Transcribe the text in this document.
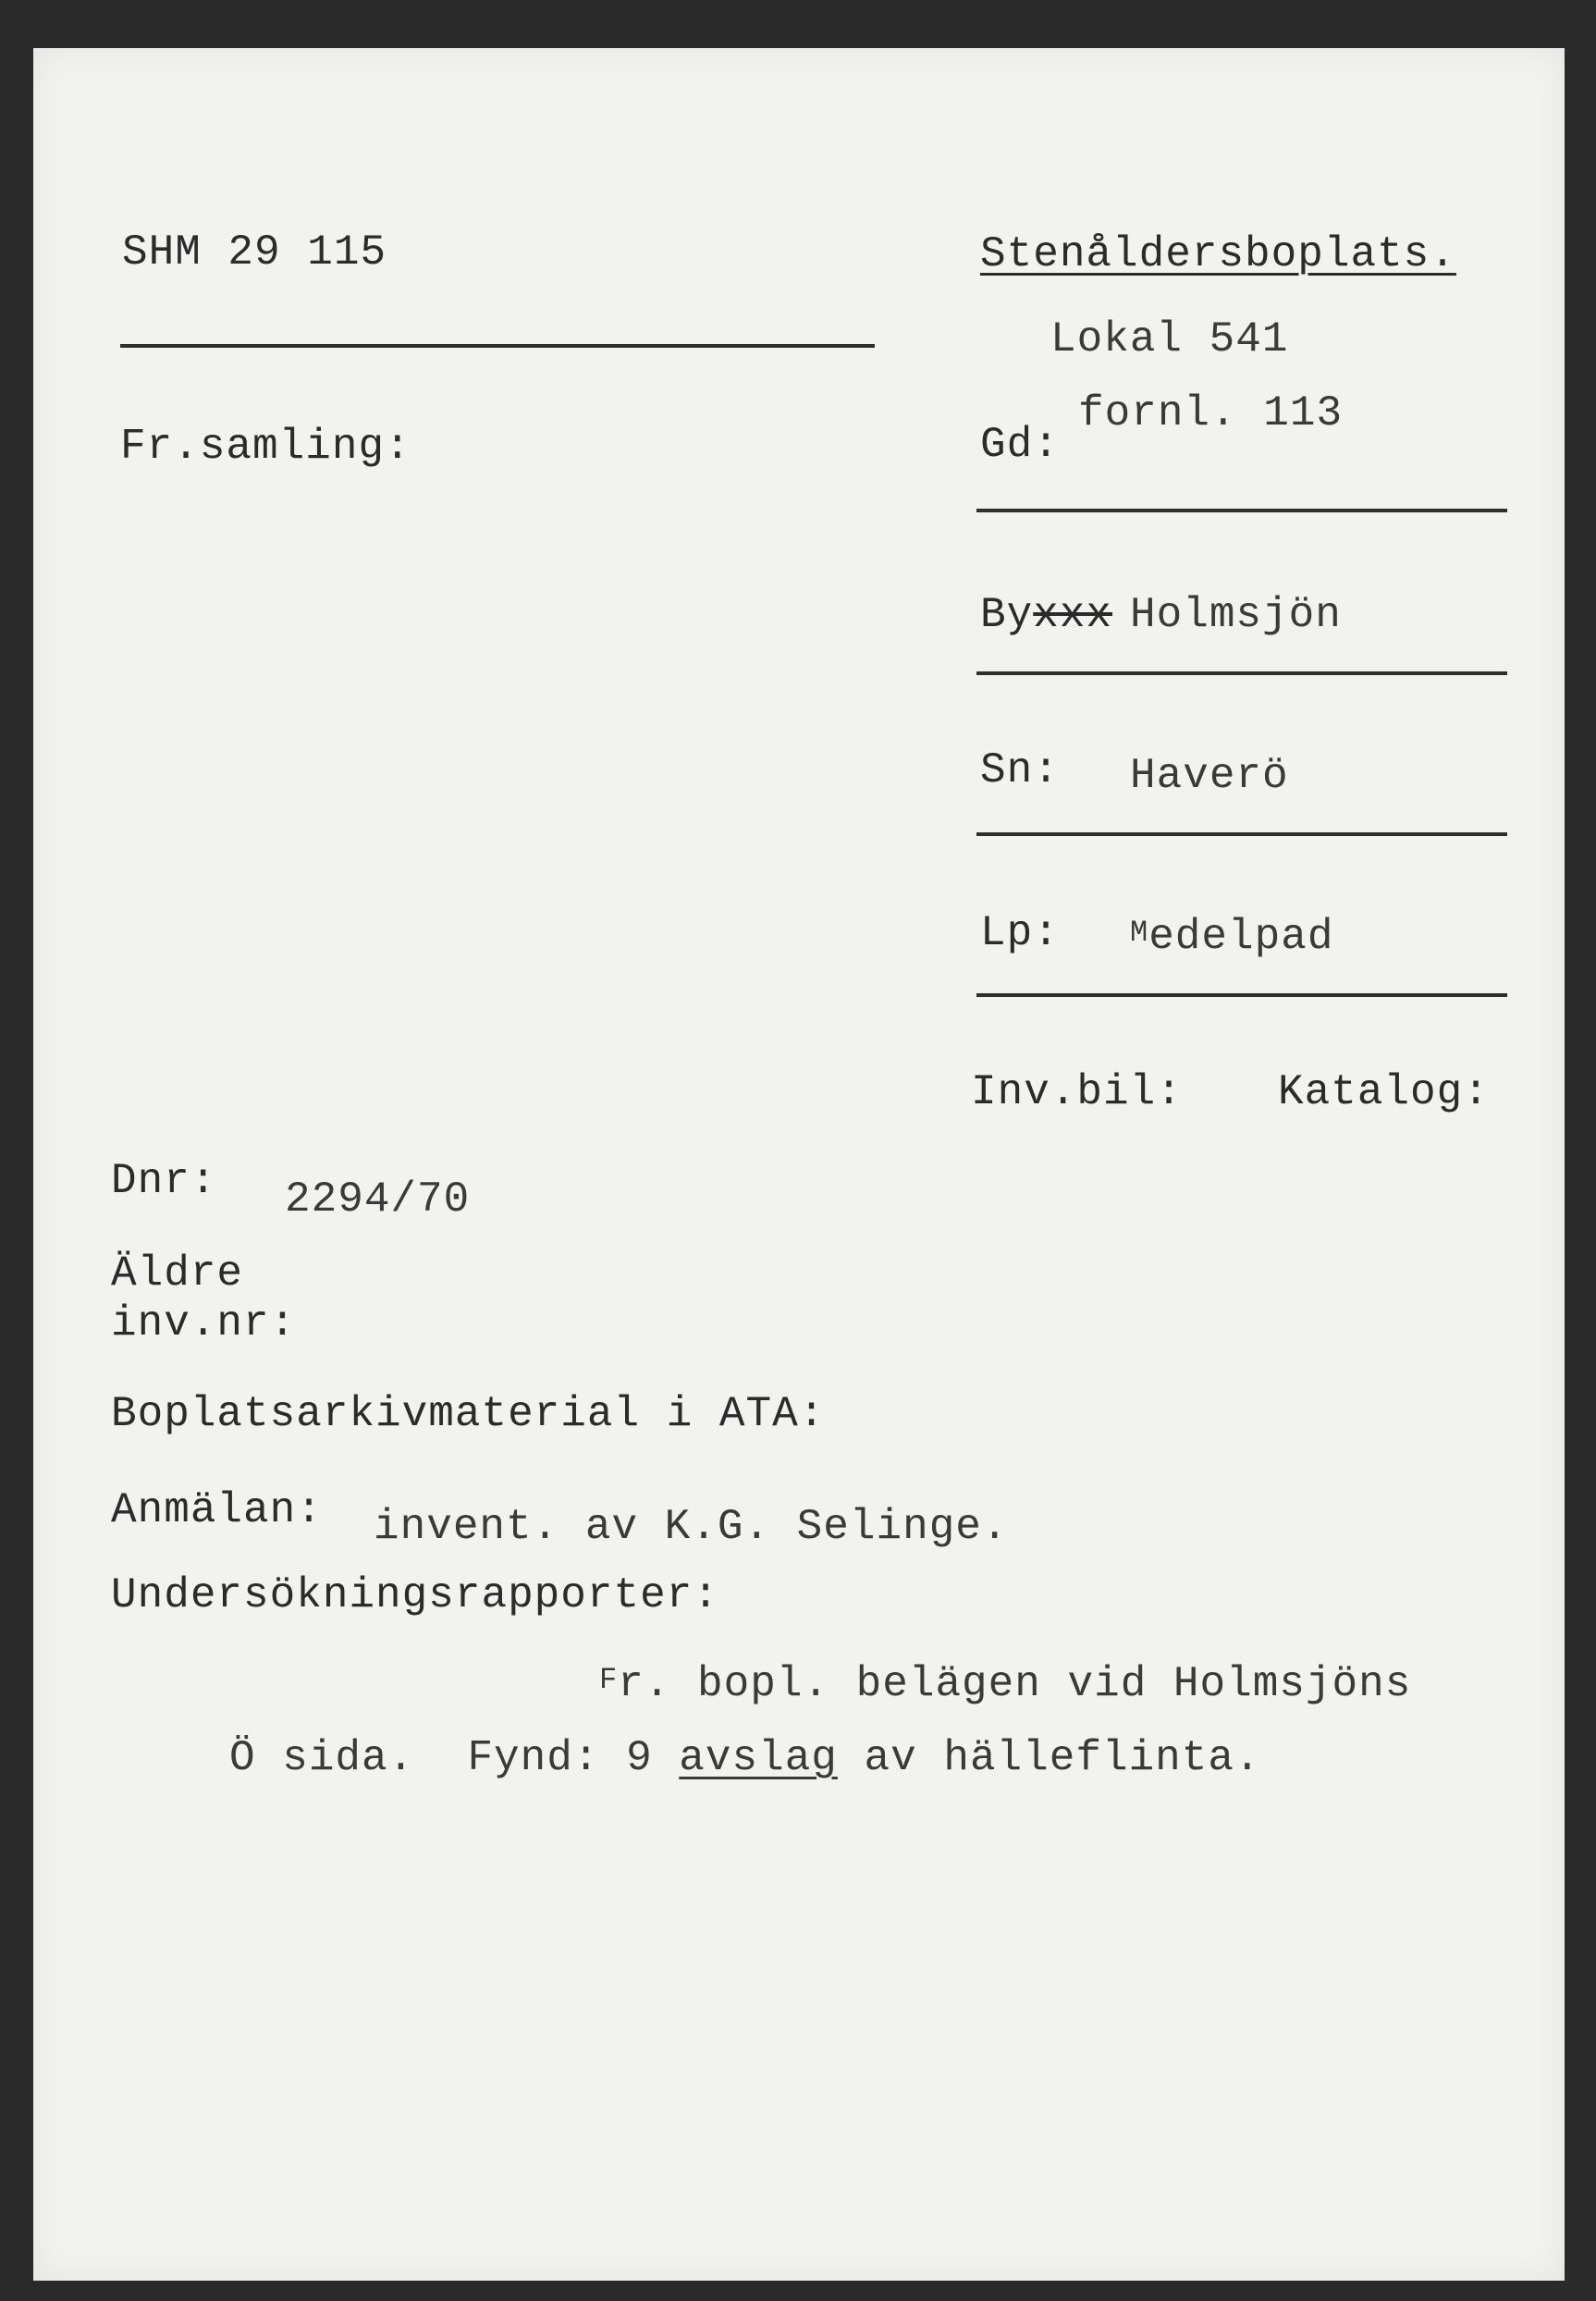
SHM 29 115	Stenåldersboplats.
Lokal 541
fornl. 113
Fr.samling:	Gd:
Byxxx Holmsjön
Sn: Haverö
Lp: Medelpad
Inv.bil: Katalog:
Dnr: 2294/70
Äldre
inv.nr:
Boplatsarkivmaterial i ATA:
Anmälan: invent. av K.G. Selinge.
Undersökningsrapporter:
Fr. bopl. belägen vid Holmsjöns
Ö sida.  Fynd: 9 avslag av hälleflinta.
